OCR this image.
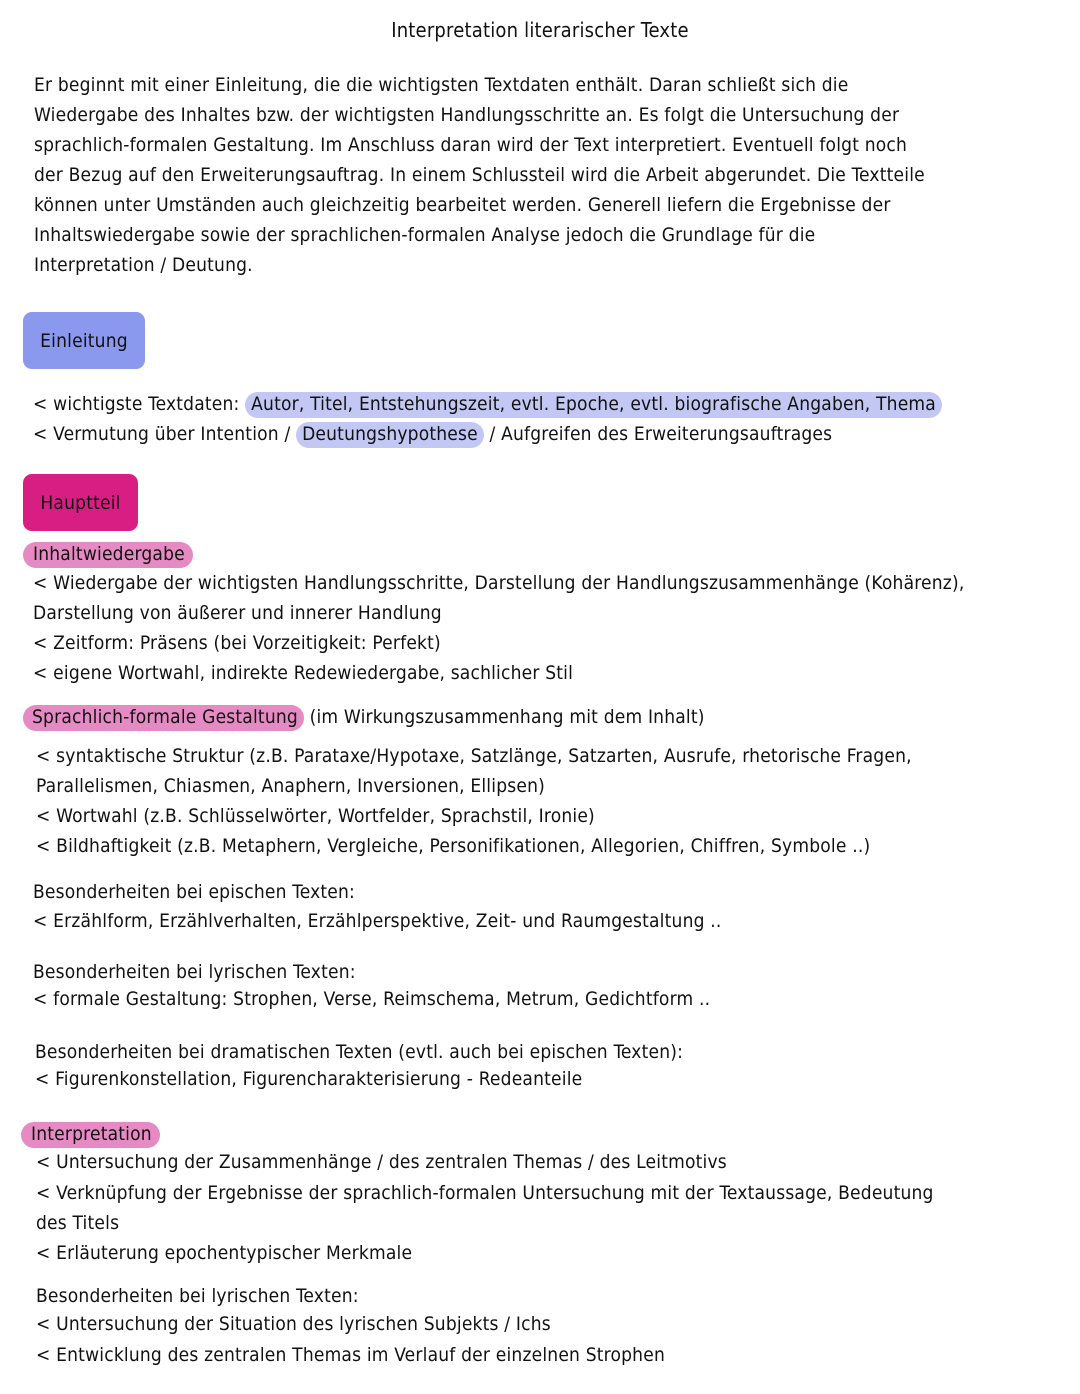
Interpretation literarischer Texte
Er beginnt mit einer Einleitung, die die wichtigsten Textdaten enthält. Daran schließt sich die
Wiedergabe des Inhaltes bzw. der wichtigsten Handlungsschritte an. Es folgt die Untersuchung der
sprachlich-formalen Gestaltung. Im Anschluss daran wird der Text interpretiert. Eventuell folgt noch
der Bezug auf den Erweiterungsauftrag. In einem Schlussteil wird die Arbeit abgerundet. Die Textteile
können unter Umständen auch gleichzeitig bearbeitet werden. Generell liefern die Ergebnisse der
Inhaltswiedergabe sowie der sprachlichen-formalen Analyse jedoch die Grundlage für die
Interpretation / Deutung.
Einleitung
< wichtigste Textdaten: Autor, Titel, Entstehungszeit, evtl. Epoche, evtl. biografische Angaben, Thema
< Vermutung über Intention / Deutungshypothese / Aufgreifen des Erweiterungsauftrages
Hauptteil
Inhaltwiedergabe
< Wiedergabe der wichtigsten Handlungsschritte, Darstellung der Handlungszusammenhänge (Kohärenz),
Darstellung von äußerer und innerer Handlung
< Zeitform: Präsens (bei Vorzeitigkeit: Perfekt)
< eigene Wortwahl, indirekte Redewiedergabe, sachlicher Stil
Sprachlich-formale Gestaltung (im Wirkungszusammenhang mit dem Inhalt)
< syntaktische Struktur (z.B. Parataxe/Hypotaxe, Satzlänge, Satzarten, Ausrufe, rhetorische Fragen,
Parallelismen, Chiasmen, Anaphern, Inversionen, Ellipsen)
< Wortwahl (z.B. Schlüsselwörter, Wortfelder, Sprachstil, Ironie)
< Bildhaftigkeit (z.B. Metaphern, Vergleiche, Personifikationen, Allegorien, Chiffren, Symbole ..)
Besonderheiten bei epischen Texten:
< Erzählform, Erzählverhalten, Erzählperspektive, Zeit- und Raumgestaltung ..
Besonderheiten bei lyrischen Texten:
< formale Gestaltung: Strophen, Verse, Reimschema, Metrum, Gedichtform ..
Besonderheiten bei dramatischen Texten (evtl. auch bei epischen Texten):
< Figurenkonstellation, Figurencharakterisierung - Redeanteile
Interpretation
< Untersuchung der Zusammenhänge / des zentralen Themas / des Leitmotivs
< Verknüpfung der Ergebnisse der sprachlich-formalen Untersuchung mit der Textaussage, Bedeutung
des Titels
< Erläuterung epochentypischer Merkmale
Besonderheiten bei lyrischen Texten:
< Untersuchung der Situation des lyrischen Subjekts / Ichs
< Entwicklung des zentralen Themas im Verlauf der einzelnen Strophen
